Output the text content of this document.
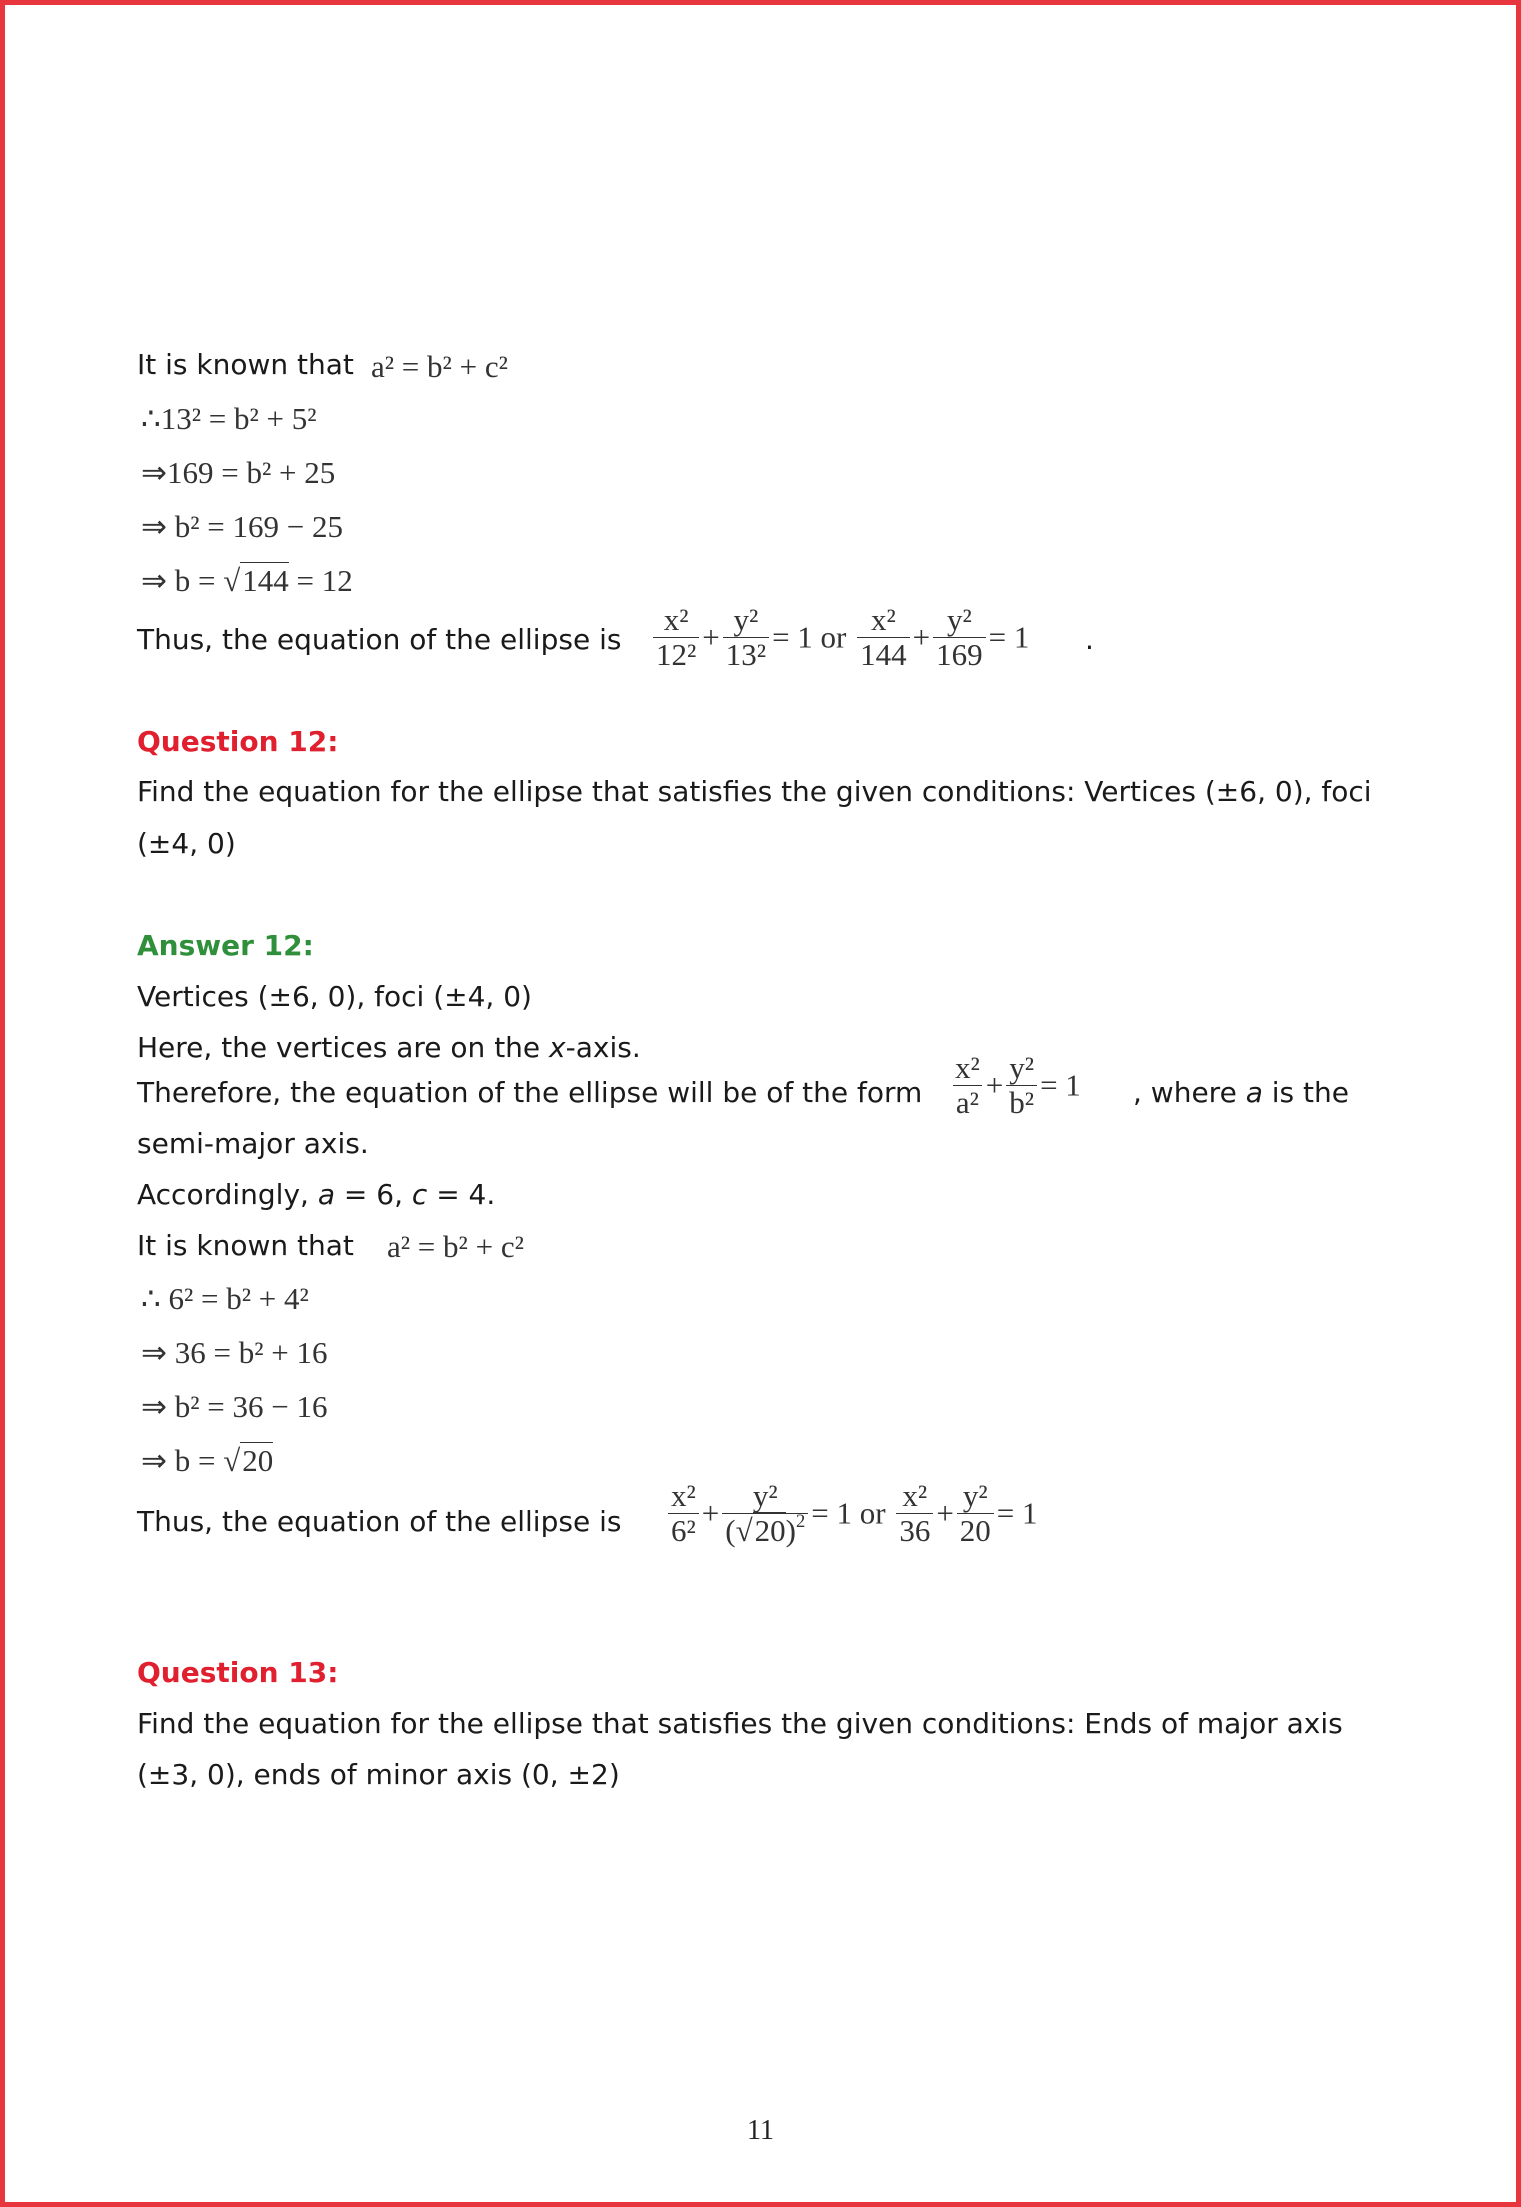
It is known that a² = b² + c²
∴13² = b² + 5²
⇒169 = b² + 25
⇒ b² = 169 − 25
⇒ b = √144 = 12
Thus, the equation of the ellipse is $\frac{\text{x²}}{\text{12²}} + \frac{\text{y²}}{\text{13²}} = 1$ or $\frac{\text{x²}}{144} + \frac{\text{y²}}{169} = 1$ .
Question 12:
Find the equation for the ellipse that satisfies the given conditions: Vertices (±6, 0), foci
(±4, 0)
Answer 12:
Vertices (±6, 0), foci (±4, 0)
Here, the vertices are on the x-axis.
Therefore, the equation of the ellipse will be of the form $\frac{\text{x²}}{\text{a²}} + \frac{\text{y²}}{\text{b²}} = 1$ , where a is the
semi-major axis.
Accordingly, a = 6, c = 4.
It is known that a² = b² + c²
∴ 6² = b² + 4²
⇒ 36 = b² + 16
⇒ b² = 36 − 16
⇒ b = √20
Thus, the equation of the ellipse is $\frac{\text{x²}}{\text{6²}} + \frac{\text{y²}}{(√20)^2} = 1$ or $\frac{\text{x²}}{36} + \frac{\text{y²}}{20} = 1$
Question 13:
Find the equation for the ellipse that satisfies the given conditions: Ends of major axis
(±3, 0), ends of minor axis (0, ±2)
11
